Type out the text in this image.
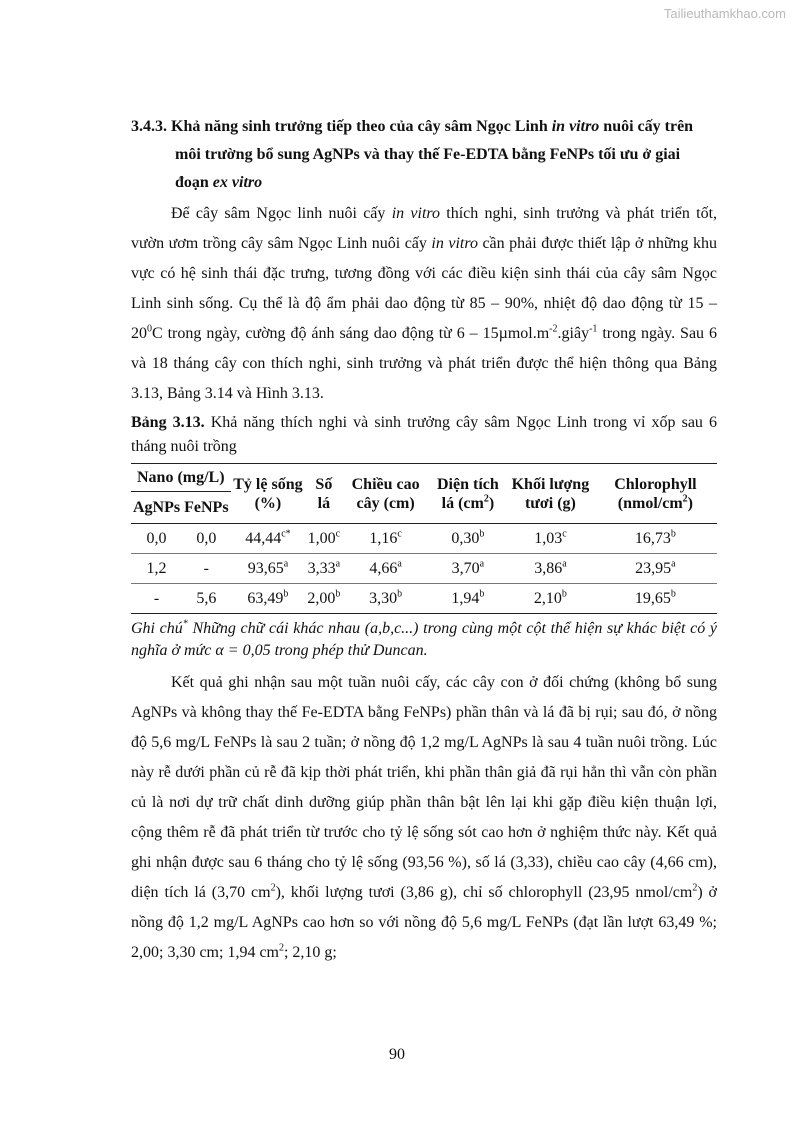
Tailieuthamkhao.com

3.4.3. Khả năng sinh trưởng tiếp theo của cây sâm Ngọc Linh in vitro nuôi cấy trên môi trường bổ sung AgNPs và thay thế Fe-EDTA bằng FeNPs tối ưu ở giai đoạn ex vitro

Để cây sâm Ngọc linh nuôi cấy in vitro thích nghi, sinh trưởng và phát triển tốt, vườn ươm trồng cây sâm Ngọc Linh nuôi cấy in vitro cần phải được thiết lập ở những khu vực có hệ sinh thái đặc trưng, tương đồng với các điều kiện sinh thái của cây sâm Ngọc Linh sinh sống. Cụ thể là độ ẩm phải dao động từ 85 – 90%, nhiệt độ dao động từ $15 - 20^0C$ trong ngày, cường độ ánh sáng dao động từ $6 - 15\mu mol.m^{-2}.giây^{-1}$ trong ngày. Sau 6 và 18 tháng cây con thích nghi, sinh trưởng và phát triển được thể hiện thông qua Bảng 3.13, Bảng 3.14 và Hình 3.13.

Bảng 3.13. Khả năng thích nghi và sinh trưởng cây sâm Ngọc Linh trong vỉ xốp sau 6 tháng nuôi trồng

Nano (mg/L)		Tỷ lệ sống (%)	Số lá	Chiều cao cây (cm)	Diện tích lá $(cm^2)$	Khối lượng tươi (g)	Chlorophyll $(nmol/cm^2)$
AgNPs	FeNPs						
0,0	0,0	$44,44^{c*}$	1,00$^c$	1,16$^c$	0,30$^b$	1,03$^c$	16,73$^b$
1,2	-	93,65$^a$	3,33$^a$	4,66$^a$	3,70$^a$	3,86$^a$	23,95$^a$
-	5,6	63,49$^b$	2,00$^b$	3,30$^b$	1,94$^b$	2,10$^b$	19,65$^b$

Ghi chú* Những chữ cái khác nhau (a,b,c...) trong cùng một cột thể hiện sự khác biệt có ý nghĩa ở mức α = 0,05 trong phép thử Duncan.

Kết quả ghi nhận sau một tuần nuôi cấy, các cây con ở đối chứng (không bổ sung AgNPs và không thay thế Fe-EDTA bằng FeNPs) phần thân và lá đã bị rụi; sau đó, ở nồng độ 5,6 mg/L FeNPs là sau 2 tuần; ở nồng độ 1,2 mg/L AgNPs là sau 4 tuần nuôi trồng. Lúc này rễ dưới phần củ rễ đã kịp thời phát triển, khi phần thân giả đã rụi hẳn thì vẫn còn phần củ là nơi dự trữ chất dinh dưỡng giúp phần thân bật lên lại khi gặp điều kiện thuận lợi, cộng thêm rễ đã phát triển từ trước cho tỷ lệ sống sót cao hơn ở nghiệm thức này. Kết quả ghi nhận được sau 6 tháng cho tỷ lệ sống (93,56 %), số lá (3,33), chiều cao cây (4,66 cm), diện tích lá (3,70 $cm^2$), khối lượng tươi (3,86 g), chỉ số chlorophyll (23,95 nmol/$cm^2$) ở nồng độ 1,2 mg/L AgNPs cao hơn so với nồng độ 5,6 mg/L FeNPs (đạt lần lượt 63,49 %; 2,00; 3,30 cm; 1,94 $cm^2$; 2,10 g;

90
